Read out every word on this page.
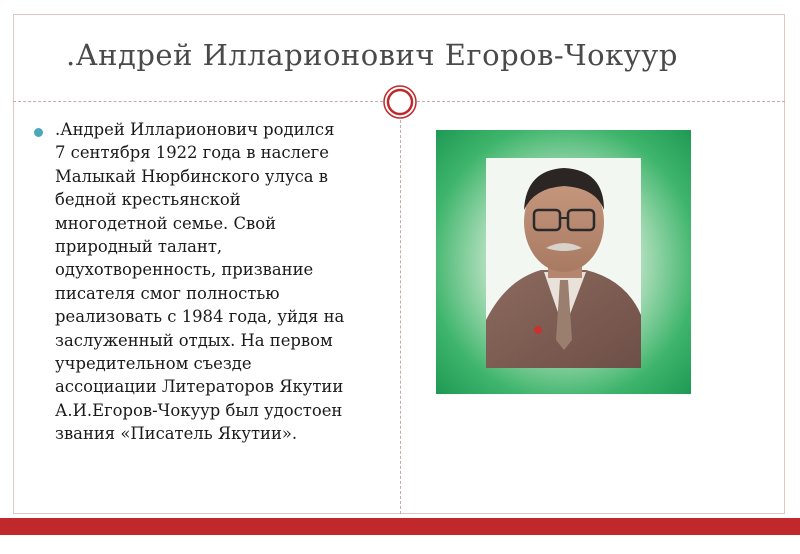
.Андрей Илларионович Егоров-Чокуур
.Андрей Илларионович родился
7 сентября 1922 года в наслеге
Малыкай Нюрбинского улуса в
бедной крестьянской
многодетной семье. Свой
природный талант,
одухотворенность, призвание
писателя смог полностью
реализовать с 1984 года, уйдя на
заслуженный отдых. На первом
учредительном съезде
ассоциации Литераторов Якутии
А.И.Егоров-Чокуур был удостоен
звания «Писатель Якутии».
